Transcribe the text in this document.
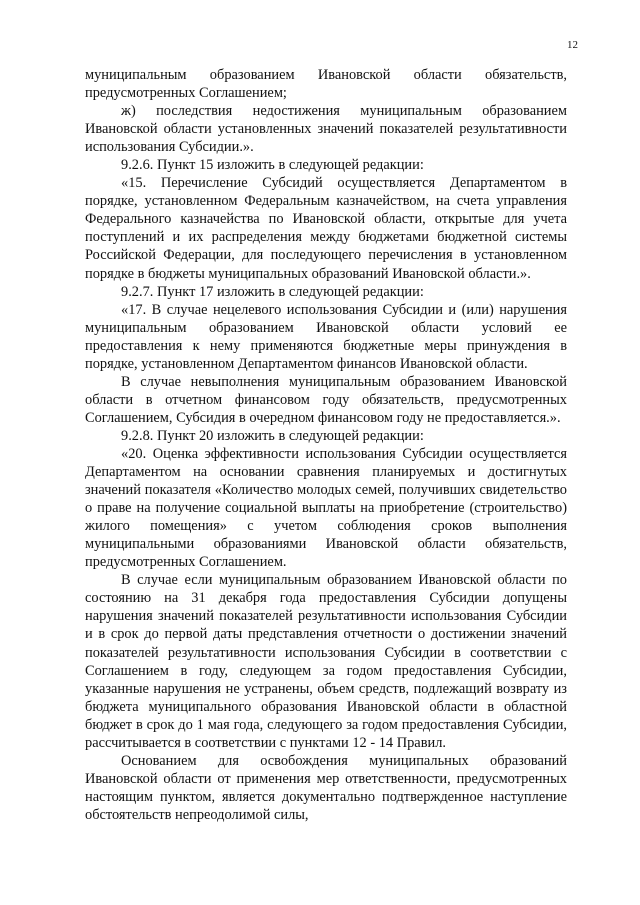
12

муниципальным образованием Ивановской области обязательств, предусмотренных Соглашением;

ж) последствия недостижения муниципальным образованием Ивановской области установленных значений показателей результативности использования Субсидии.».

9.2.6. Пункт 15 изложить в следующей редакции:

«15. Перечисление Субсидий осуществляется Департаментом в порядке, установленном Федеральным казначейством, на счета управления Федерального казначейства по Ивановской области, открытые для учета поступлений и их распределения между бюджетами бюджетной системы Российской Федерации, для последующего перечисления в установленном порядке в бюджеты муниципальных образований Ивановской области.».

9.2.7. Пункт 17 изложить в следующей редакции:

«17. В случае нецелевого использования Субсидии и (или) нарушения муниципальным образованием Ивановской области условий ее предоставления к нему применяются бюджетные меры принуждения в порядке, установленном Департаментом финансов Ивановской области.

В случае невыполнения муниципальным образованием Ивановской области в отчетном финансовом году обязательств, предусмотренных Соглашением, Субсидия в очередном финансовом году не предоставляется.».

9.2.8. Пункт 20 изложить в следующей редакции:

«20. Оценка эффективности использования Субсидии осуществляется Департаментом на основании сравнения планируемых и достигнутых значений показателя «Количество молодых семей, получивших свидетельство о праве на получение социальной выплаты на приобретение (строительство) жилого помещения» с учетом соблюдения сроков выполнения муниципальными образованиями Ивановской области обязательств, предусмотренных Соглашением.

В случае если муниципальным образованием Ивановской области по состоянию на 31 декабря года предоставления Субсидии допущены нарушения значений показателей результативности использования Субсидии и в срок до первой даты представления отчетности о достижении значений показателей результативности использования Субсидии в соответствии с Соглашением в году, следующем за годом предоставления Субсидии, указанные нарушения не устранены, объем средств, подлежащий возврату из бюджета муниципального образования Ивановской области в областной бюджет в срок до 1 мая года, следующего за годом предоставления Субсидии, рассчитывается в соответствии с пунктами 12 - 14 Правил.

Основанием для освобождения муниципальных образований Ивановской области от применения мер ответственности, предусмотренных настоящим пунктом, является документально подтвержденное наступление обстоятельств непреодолимой силы,
